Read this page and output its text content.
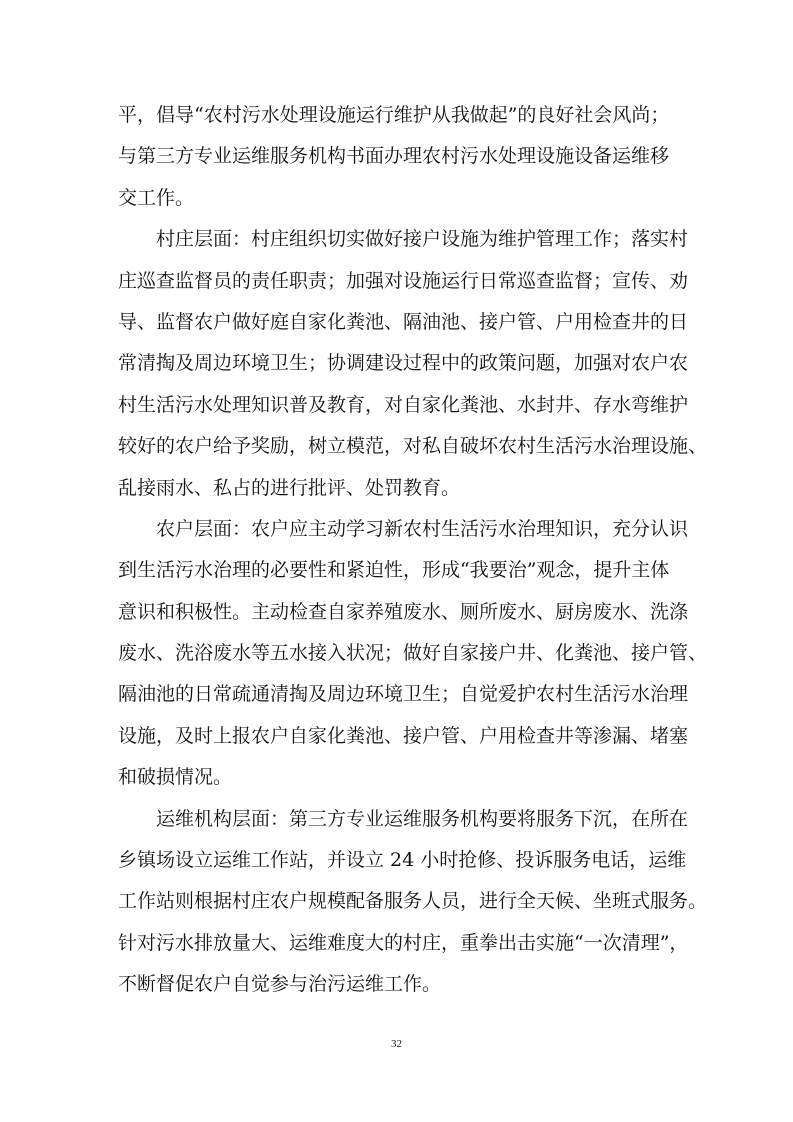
平，倡导“农村污水处理设施运行维护从我做起”的良好社会风尚；
与第三方专业运维服务机构书面办理农村污水处理设施设备运维移
交工作。
村庄层面：村庄组织切实做好接户设施为维护管理工作；落实村
庄巡查监督员的责任职责；加强对设施运行日常巡查监督；宣传、劝
导、监督农户做好庭自家化粪池、隔油池、接户管、户用检查井的日
常清掏及周边环境卫生；协调建设过程中的政策问题，加强对农户农
村生活污水处理知识普及教育，对自家化粪池、水封井、存水弯维护
较好的农户给予奖励，树立模范，对私自破坏农村生活污水治理设施、
乱接雨水、私占的进行批评、处罚教育。
农户层面：农户应主动学习新农村生活污水治理知识，充分认识
到生活污水治理的必要性和紧迫性，形成“我要治”观念，提升主体
意识和积极性。主动检查自家养殖废水、厕所废水、厨房废水、洗涤
废水、洗浴废水等五水接入状况；做好自家接户井、化粪池、接户管、
隔油池的日常疏通清掏及周边环境卫生；自觉爱护农村生活污水治理
设施，及时上报农户自家化粪池、接户管、户用检查井等渗漏、堵塞
和破损情况。
运维机构层面：第三方专业运维服务机构要将服务下沉，在所在
乡镇场设立运维工作站，并设立 24 小时抢修、投诉服务电话，运维
工作站则根据村庄农户规模配备服务人员，进行全天候、坐班式服务。
针对污水排放量大、运维难度大的村庄，重拳出击实施“一次清理”，
不断督促农户自觉参与治污运维工作。
32
